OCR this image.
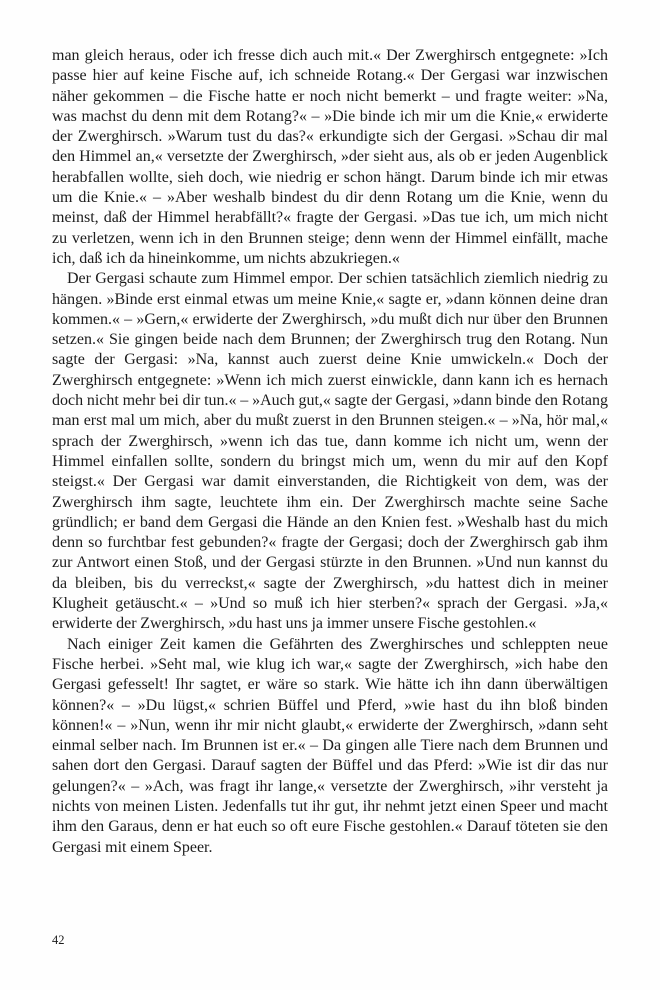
man gleich heraus, oder ich fresse dich auch mit.« Der Zwerghirsch entgegnete: »Ich passe hier auf keine Fische auf, ich schneide Rotang.« Der Gergasi war inzwischen näher gekommen – die Fische hatte er noch nicht bemerkt – und fragte weiter: »Na, was machst du denn mit dem Rotang?« – »Die binde ich mir um die Knie,« erwiderte der Zwerghirsch. »Warum tust du das?« erkundigte sich der Gergasi. »Schau dir mal den Himmel an,« versetzte der Zwerghirsch, »der sieht aus, als ob er jeden Augenblick herabfallen wollte, sieh doch, wie niedrig er schon hängt. Darum binde ich mir etwas um die Knie.« – »Aber weshalb bindest du dir denn Rotang um die Knie, wenn du meinst, daß der Himmel herabfällt?« fragte der Gergasi. »Das tue ich, um mich nicht zu verletzen, wenn ich in den Brunnen steige; denn wenn der Himmel einfällt, mache ich, daß ich da hineinkomme, um nichts abzukriegen.«

Der Gergasi schaute zum Himmel empor. Der schien tatsächlich ziemlich niedrig zu hängen. »Binde erst einmal etwas um meine Knie,« sagte er, »dann können deine dran kommen.« – »Gern,« erwiderte der Zwerghirsch, »du mußt dich nur über den Brunnen setzen.« Sie gingen beide nach dem Brunnen; der Zwerghirsch trug den Rotang. Nun sagte der Gergasi: »Na, kannst auch zuerst deine Knie umwickeln.« Doch der Zwerghirsch entgegnete: »Wenn ich mich zuerst einwickle, dann kann ich es hernach doch nicht mehr bei dir tun.« – »Auch gut,« sagte der Gergasi, »dann binde den Rotang man erst mal um mich, aber du mußt zuerst in den Brunnen steigen.« – »Na, hör mal,« sprach der Zwerghirsch, »wenn ich das tue, dann komme ich nicht um, wenn der Himmel einfallen sollte, sondern du bringst mich um, wenn du mir auf den Kopf steigst.« Der Gergasi war damit einverstanden, die Richtigkeit von dem, was der Zwerghirsch ihm sagte, leuchtete ihm ein. Der Zwerghirsch machte seine Sache gründlich; er band dem Gergasi die Hände an den Knien fest. »Weshalb hast du mich denn so furchtbar fest gebunden?« fragte der Gergasi; doch der Zwerghirsch gab ihm zur Antwort einen Stoß, und der Gergasi stürzte in den Brunnen. »Und nun kannst du da bleiben, bis du verreckst,« sagte der Zwerghirsch, »du hattest dich in meiner Klugheit getäuscht.« – »Und so muß ich hier sterben?« sprach der Gergasi. »Ja,« erwiderte der Zwerghirsch, »du hast uns ja immer unsere Fische gestohlen.«

Nach einiger Zeit kamen die Gefährten des Zwerghirsches und schleppten neue Fische herbei. »Seht mal, wie klug ich war,« sagte der Zwerghirsch, »ich habe den Gergasi gefesselt! Ihr sagtet, er wäre so stark. Wie hätte ich ihn dann überwältigen können?« – »Du lügst,« schrien Büffel und Pferd, »wie hast du ihn bloß binden können!« – »Nun, wenn ihr mir nicht glaubt,« erwiderte der Zwerghirsch, »dann seht einmal selber nach. Im Brunnen ist er.« – Da gingen alle Tiere nach dem Brunnen und sahen dort den Gergasi. Darauf sagten der Büffel und das Pferd: »Wie ist dir das nur gelungen?« – »Ach, was fragt ihr lange,« versetzte der Zwerghirsch, »ihr versteht ja nichts von meinen Listen. Jedenfalls tut ihr gut, ihr nehmt jetzt einen Speer und macht ihm den Garaus, denn er hat euch so oft eure Fische gestohlen.« Darauf töteten sie den Gergasi mit einem Speer.

42
